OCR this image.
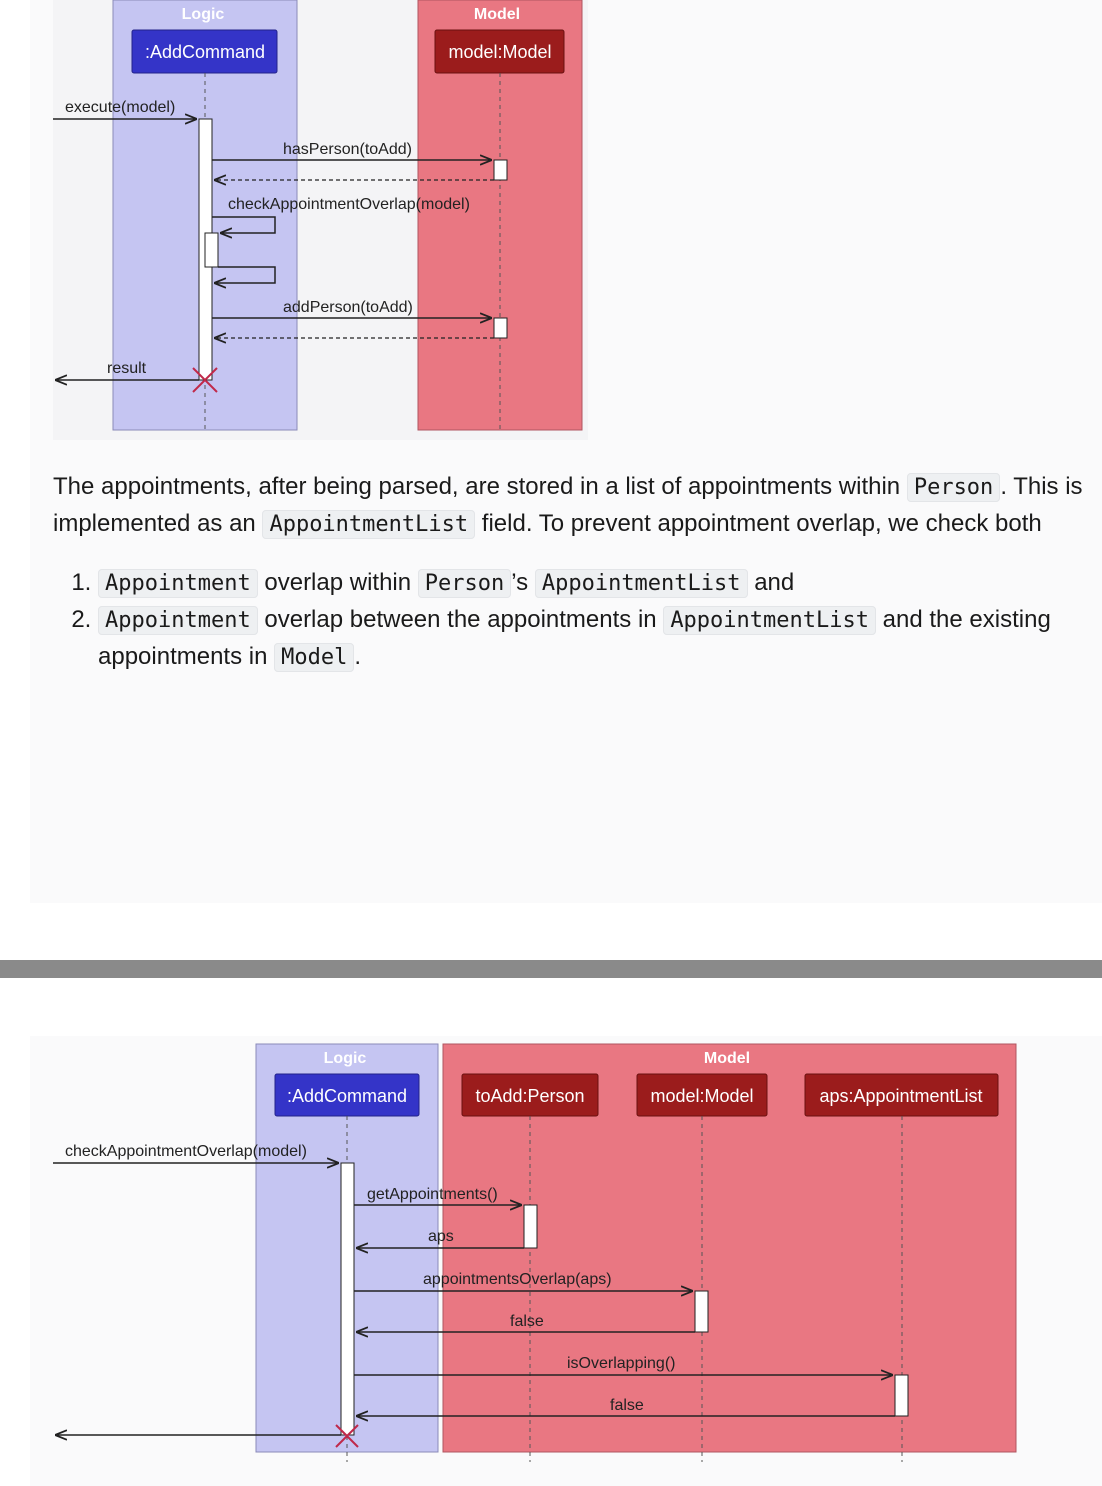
Logic	Model
:AddCommand	model:Model
execute(model)
hasPerson(toAdd)
checkAppointmentOverlap(model)
addPerson(toAdd)
result

The appointments, after being parsed, are stored in a list of appointments within Person . This is implemented as an AppointmentList field. To prevent appointment overlap, we check both

1. Appointment overlap within Person ’s AppointmentList and
2. Appointment overlap between the appointments in AppointmentList and the existing appointments in Model .
Logic	Model
:AddCommand	toAdd:Person	model:Model	aps:AppointmentList
checkAppointmentOverlap(model)
getAppointments()
aps
appointmentsOverlap(aps)
false
isOverlapping()
false
